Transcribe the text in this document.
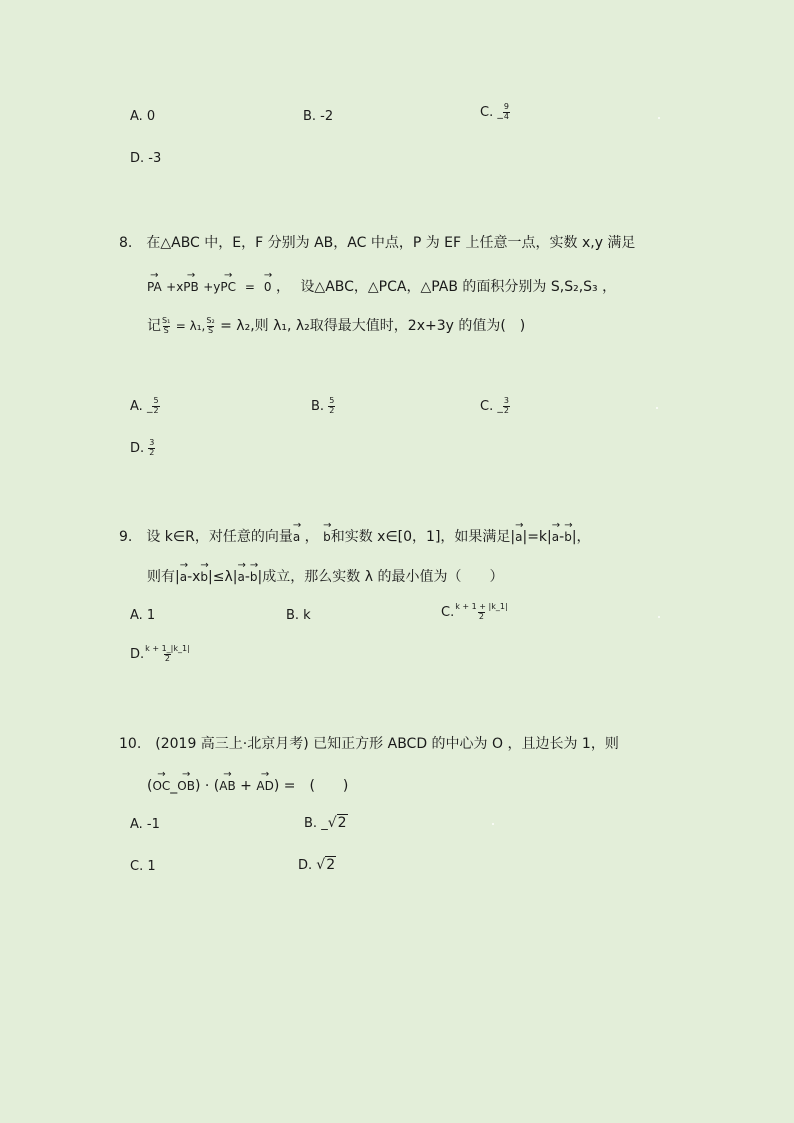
A. 0	B. -2	C. _ $\frac{9}{4}$
D. -3
8.　在△ABC 中，E，F 分别为 AB，AC 中点，P 为 EF 上任意一点，实数 x,y 满足
→
PA +x
→
PB +y
→
PC =
→
0 ， 设△ABC，△PCA，△PAB 的面积分别为 S,S₂,S₃ ，
记 $\frac{\text{S₁}}{S} = \lambda_1$, $\frac{\text{S₂}}{S} = \lambda_2$,则 λ₁, λ₂取得最大值时，2x+3y 的值为(　)
A. _ $\frac{5}{2}$	B. $\frac{5}{2}$	C. _ $\frac{3}{2}$
D. $\frac{3}{2}$
9.　设 k∈R，对任意的向量
→
a ，
→
b和实数 x∈[0，1]，如果满足|
→
a|=k|
→
a-
→
b|，
则有|
→
a-x
→
b|≤λ|
→
a-
→
b|成立，那么实数 λ 的最小值为（　　）
A. 1	B. k	C. $\frac{k + 1 + |k\_1|}{2}$
D. $\frac{k + 1\_|k\_1|}{2}$
10.　(2019 高三上·北京月考) 已知正方形 ABCD 的中心为 O ，且边长为 1，则
(
→
OC_
→
OB) · (
→
AB +
→
AD) =　(　　)
A. -1	B. _√2
C. 1	D. √2
